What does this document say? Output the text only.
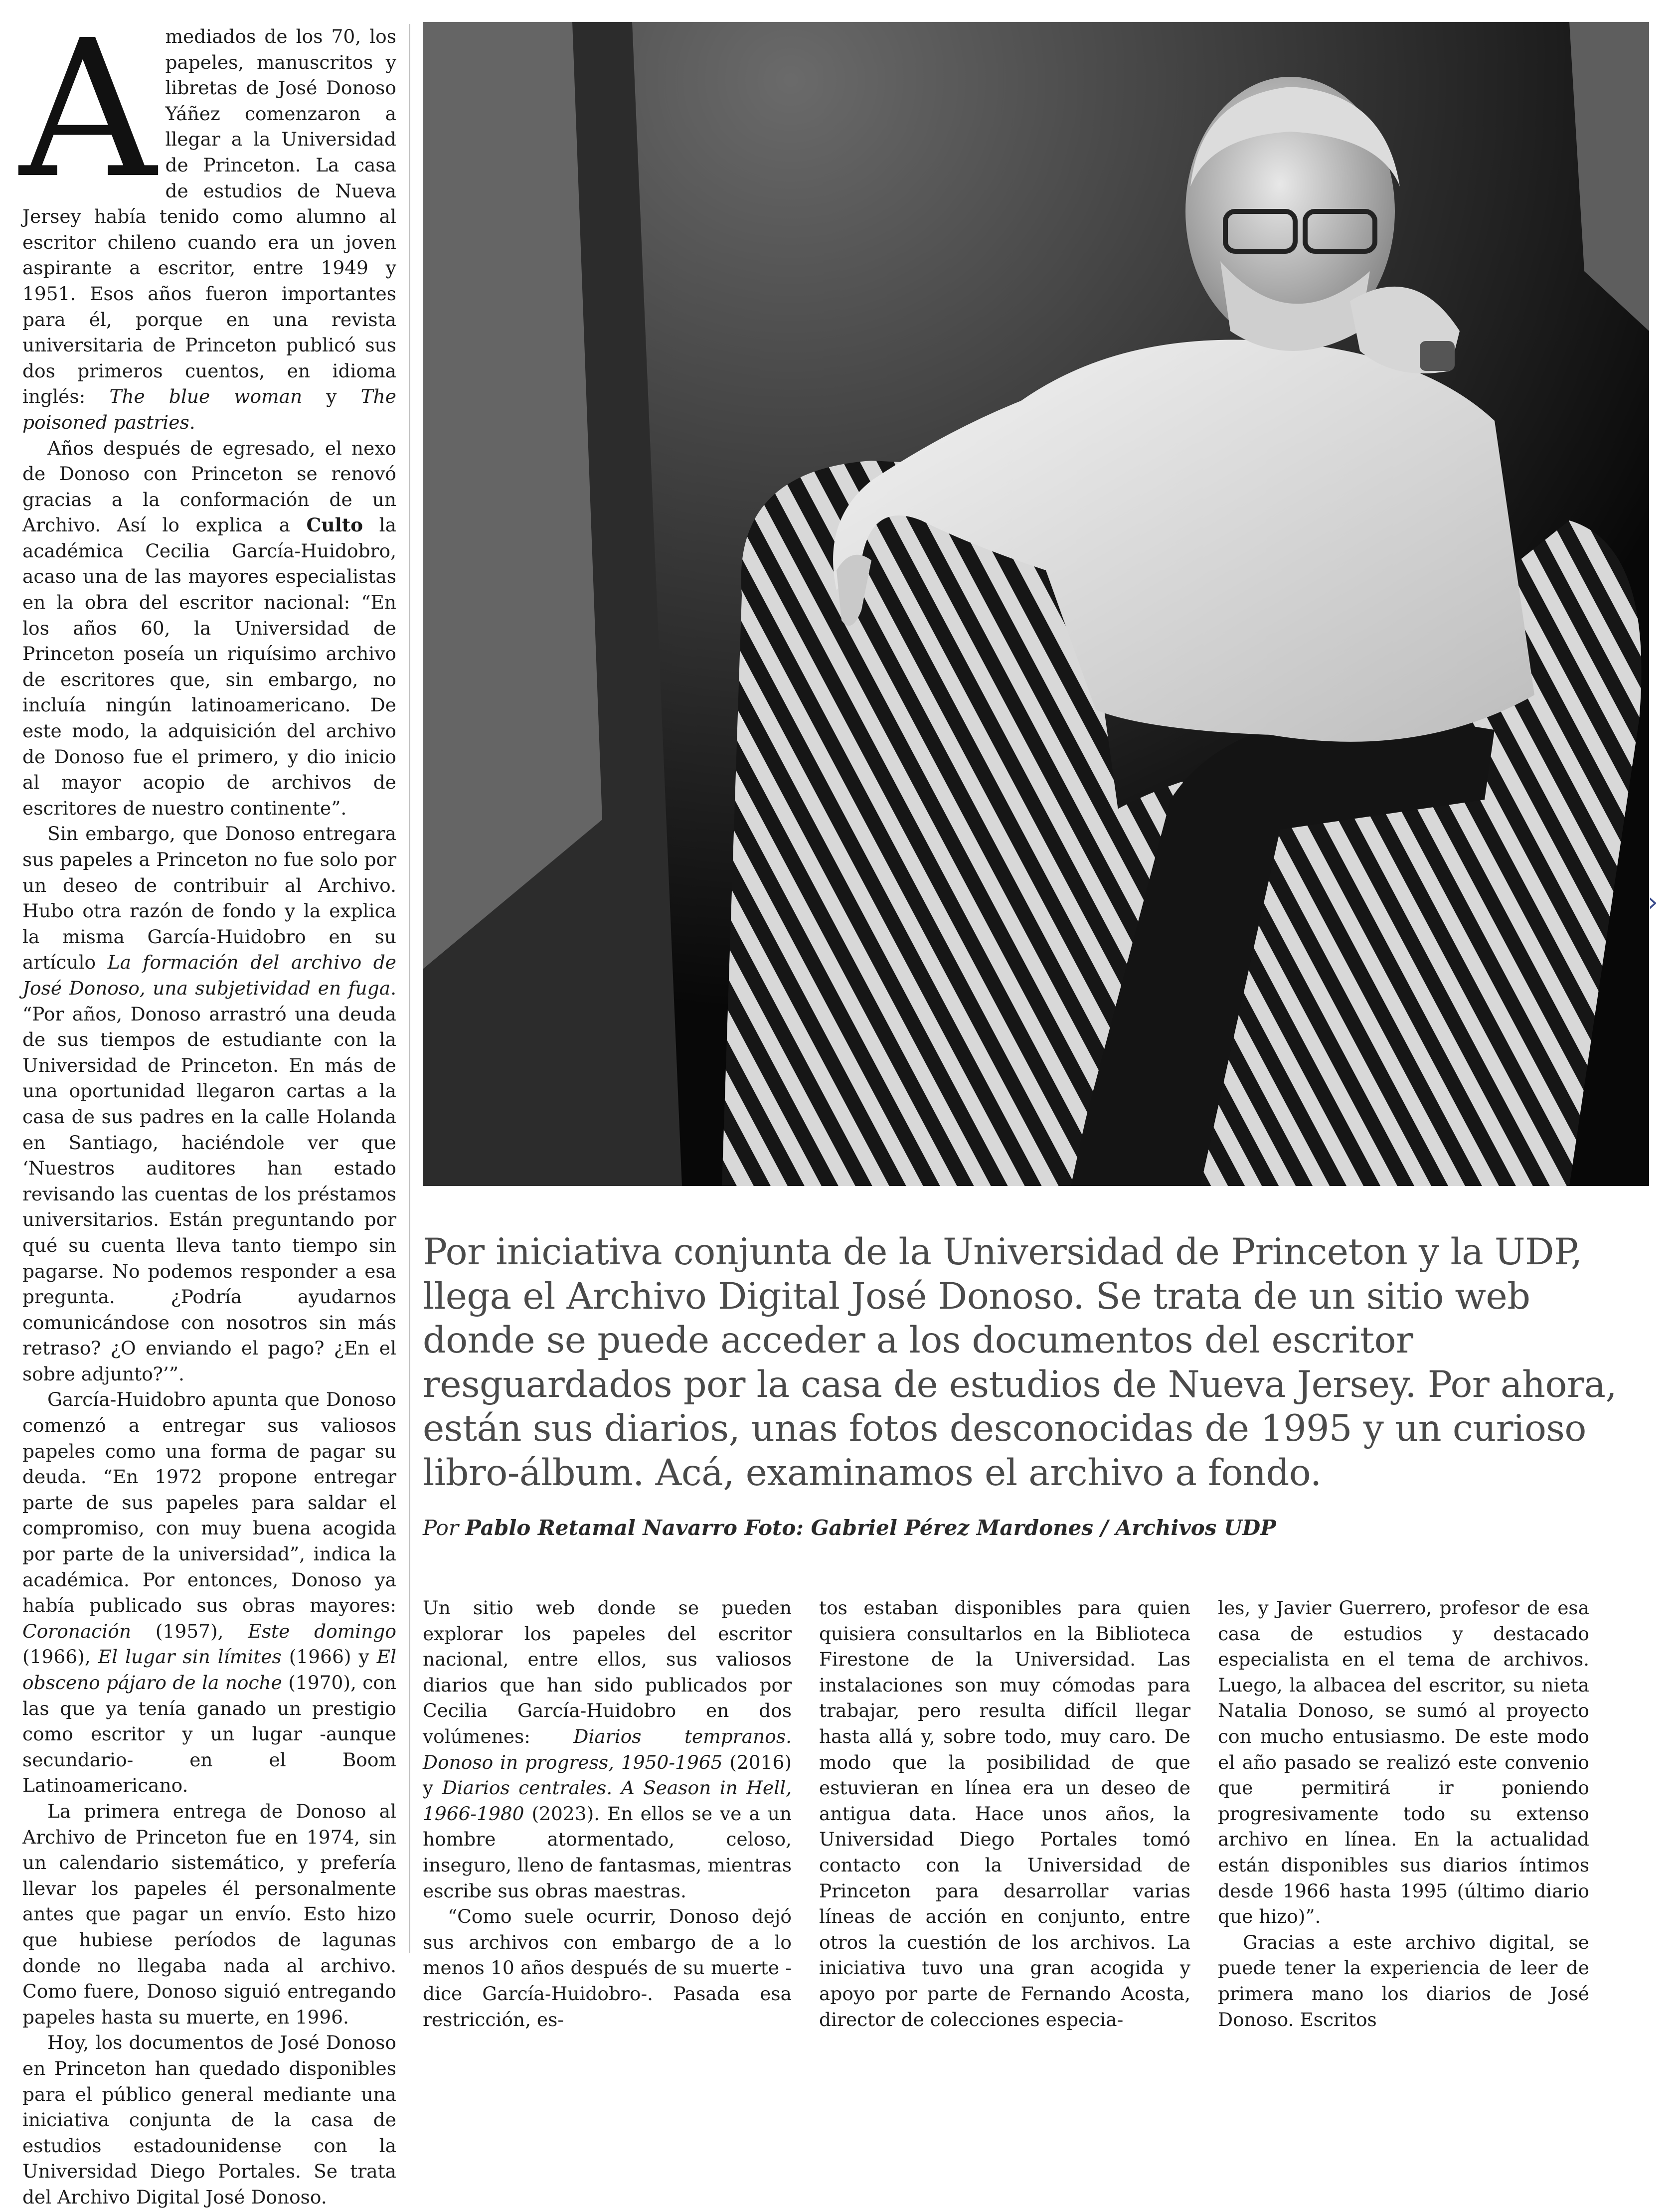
Amediados de los 70, los papeles, manuscritos y libretas de José Donoso Yáñez comenzaron a llegar a la Universidad de Princeton. La casa de estudios de Nueva Jersey había tenido como alumno al escritor chileno cuando era un joven aspirante a escritor, entre 1949 y 1951. Esos años fueron importantes para él, porque en una revista universitaria de Princeton publicó sus dos primeros cuentos, en idioma inglés: The blue woman y The poisoned pastries.

Años después de egresado, el nexo de Donoso con Princeton se renovó gracias a la conformación de un Archivo. Así lo explica a Culto la académica Cecilia García-Huidobro, acaso una de las mayores especialistas en la obra del escritor nacional: “En los años 60, la Universidad de Princeton poseía un riquísimo archivo de escritores que, sin embargo, no incluía ningún latinoamericano. De este modo, la adquisición del archivo de Donoso fue el primero, y dio inicio al mayor acopio de archivos de escritores de nuestro continente”.

Sin embargo, que Donoso entregara sus papeles a Princeton no fue solo por un deseo de contribuir al Archivo. Hubo otra razón de fondo y la explica la misma García-Huidobro en su artículo La formación del archivo de José Donoso, una subjetividad en fuga. “Por años, Donoso arrastró una deuda de sus tiempos de estudiante con la Universidad de Princeton. En más de una oportunidad llegaron cartas a la casa de sus padres en la calle Holanda en Santiago, haciéndole ver que ‘Nuestros auditores han estado revisando las cuentas de los préstamos universitarios. Están preguntando por qué su cuenta lleva tanto tiempo sin pagarse. No podemos responder a esa pregunta. ¿Podría ayudarnos comunicándose con nosotros sin más retraso? ¿O enviando el pago? ¿En el sobre adjunto?’”.

García-Huidobro apunta que Donoso comenzó a entregar sus valiosos papeles como una forma de pagar su deuda. “En 1972 propone entregar parte de sus papeles para saldar el compromiso, con muy buena acogida por parte de la universidad”, indica la académica. Por entonces, Donoso ya había publicado sus obras mayores: Coronación (1957), Este domingo (1966), El lugar sin límites (1966) y El obsceno pájaro de la noche (1970), con las que ya tenía ganado un prestigio como escritor y un lugar -aunque secundario- en el Boom Latinoamericano.

La primera entrega de Donoso al Archivo de Princeton fue en 1974, sin un calendario sistemático, y prefería llevar los papeles él personalmente antes que pagar un envío. Esto hizo que hubiese períodos de lagunas donde no llegaba nada al archivo. Como fuere, Donoso siguió entregando papeles hasta su muerte, en 1996.

Hoy, los documentos de José Donoso en Princeton han quedado disponibles para el público general mediante una iniciativa conjunta de la casa de estudios estadounidense con la Universidad Diego Portales. Se trata del Archivo Digital José Donoso.

Por iniciativa conjunta de la Universidad de Princeton y la UDP, llega el Archivo Digital José Donoso. Se trata de un sitio web donde se puede acceder a los documentos del escritor resguardados por la casa de estudios de Nueva Jersey. Por ahora, están sus diarios, unas fotos desconocidas de 1995 y un curioso libro-álbum. Acá, examinamos el archivo a fondo.

Por Pablo Retamal Navarro Foto: Gabriel Pérez Mardones / Archivos UDP

Un sitio web donde se pueden explorar los papeles del escritor nacional, entre ellos, sus valiosos diarios que han sido publicados por Cecilia García-Huidobro en dos volúmenes: Diarios tempranos. Donoso in progress, 1950-1965 (2016) y Diarios centrales. A Season in Hell, 1966-1980 (2023). En ellos se ve a un hombre atormentado, celoso, inseguro, lleno de fantasmas, mientras escribe sus obras maestras.

“Como suele ocurrir, Donoso dejó sus archivos con embargo de a lo menos 10 años después de su muerte -dice García-Huidobro-. Pasada esa restricción, es-

tos estaban disponibles para quien quisiera consultarlos en la Biblioteca Firestone de la Universidad. Las instalaciones son muy cómodas para trabajar, pero resulta difícil llegar hasta allá y, sobre todo, muy caro. De modo que la posibilidad de que estuvieran en línea era un deseo de antigua data. Hace unos años, la Universidad Diego Portales tomó contacto con la Universidad de Princeton para desarrollar varias líneas de acción en conjunto, entre otros la cuestión de los archivos. La iniciativa tuvo una gran acogida y apoyo por parte de Fernando Acosta, director de colecciones especia-

les, y Javier Guerrero, profesor de esa casa de estudios y destacado especialista en el tema de archivos. Luego, la albacea del escritor, su nieta Natalia Donoso, se sumó al proyecto con mucho entusiasmo. De este modo el año pasado se realizó este convenio que permitirá ir poniendo progresivamente todo su extenso archivo en línea. En la actualidad están disponibles sus diarios íntimos desde 1966 hasta 1995 (último diario que hizo)”.

Gracias a este archivo digital, se puede tener la experiencia de leer de primera mano los diarios de José Donoso. Escritos

›
